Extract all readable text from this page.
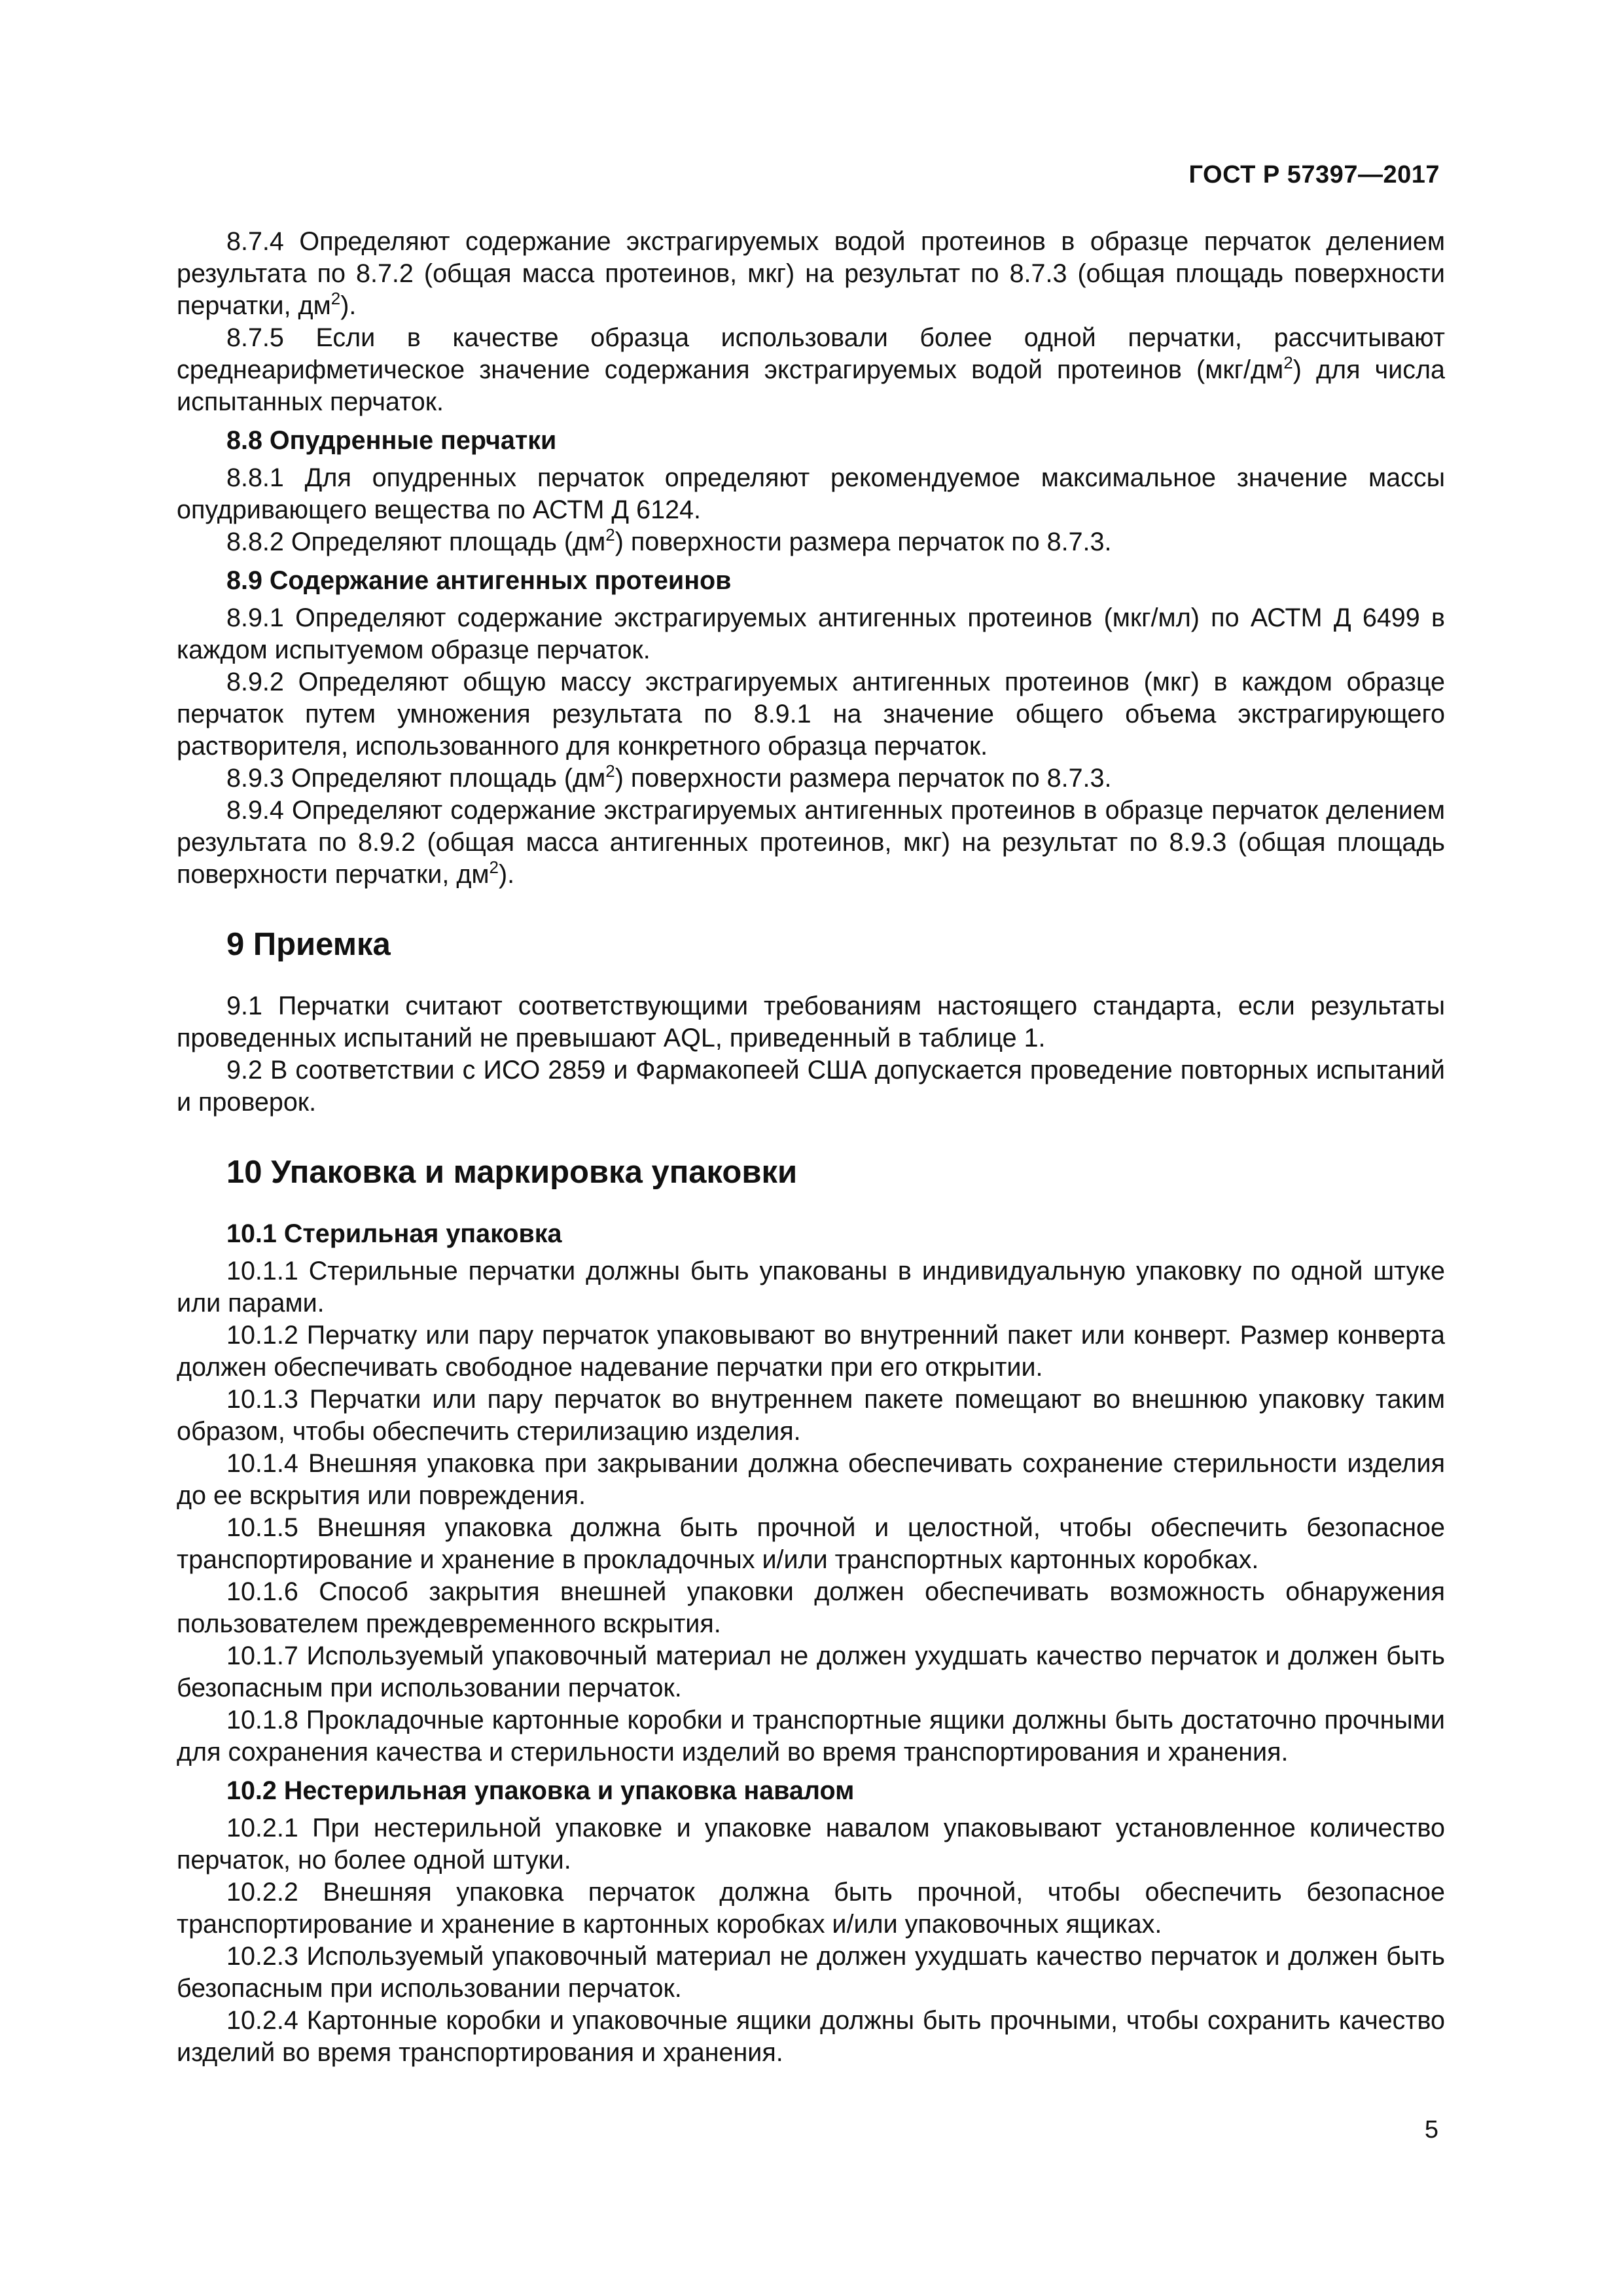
ГОСТ Р 57397—2017

8.7.4 Определяют содержание экстрагируемых водой протеинов в образце перчаток делением результата по 8.7.2 (общая масса протеинов, мкг) на результат по 8.7.3 (общая площадь поверхности перчатки, $дм^2$).

8.7.5 Если в качестве образца использовали более одной перчатки, рассчитывают среднеарифметическое значение содержания экстрагируемых водой протеинов $(мкг/дм^2)$ для числа испытанных перчаток.

8.8 Опудренные перчатки

8.8.1 Для опудренных перчаток определяют рекомендуемое максимальное значение массы опудривающего вещества по АСТМ Д 6124.

8.8.2 Определяют площадь $(дм^2)$ поверхности размера перчаток по 8.7.3.

8.9 Содержание антигенных протеинов

8.9.1 Определяют содержание экстрагируемых антигенных протеинов (мкг/мл) по АСТМ Д 6499 в каждом испытуемом образце перчаток.

8.9.2 Определяют общую массу экстрагируемых антигенных протеинов (мкг) в каждом образце перчаток путем умножения результата по 8.9.1 на значение общего объема экстрагирующего растворителя, использованного для конкретного образца перчаток.

8.9.3 Определяют площадь $(дм^2)$ поверхности размера перчаток по 8.7.3.

8.9.4 Определяют содержание экстрагируемых антигенных протеинов в образце перчаток делением результата по 8.9.2 (общая масса антигенных протеинов, мкг) на результат по 8.9.3 (общая площадь поверхности перчатки, $дм^2$).

9 Приемка

9.1 Перчатки считают соответствующими требованиям настоящего стандарта, если результаты проведенных испытаний не превышают AQL, приведенный в таблице 1.

9.2 В соответствии с ИСО 2859 и Фармакопеей США допускается проведение повторных испытаний и проверок.

10 Упаковка и маркировка упаковки
10.1 Стерильная упаковка

10.1.1 Стерильные перчатки должны быть упакованы в индивидуальную упаковку по одной штуке или парами.

10.1.2 Перчатку или пару перчаток упаковывают во внутренний пакет или конверт. Размер конверта должен обеспечивать свободное надевание перчатки при его открытии.

10.1.3 Перчатки или пару перчаток во внутреннем пакете помещают во внешнюю упаковку таким образом, чтобы обеспечить стерилизацию изделия.

10.1.4 Внешняя упаковка при закрывании должна обеспечивать сохранение стерильности изделия до ее вскрытия или повреждения.

10.1.5 Внешняя упаковка должна быть прочной и целостной, чтобы обеспечить безопасное транспортирование и хранение в прокладочных и/или транспортных картонных коробках.

10.1.6 Способ закрытия внешней упаковки должен обеспечивать возможность обнаружения пользователем преждевременного вскрытия.

10.1.7 Используемый упаковочный материал не должен ухудшать качество перчаток и должен быть безопасным при использовании перчаток.

10.1.8 Прокладочные картонные коробки и транспортные ящики должны быть достаточно прочными для сохранения качества и стерильности изделий во время транспортирования и хранения.

10.2 Нестерильная упаковка и упаковка навалом

10.2.1 При нестерильной упаковке и упаковке навалом упаковывают установленное количество перчаток, но более одной штуки.

10.2.2 Внешняя упаковка перчаток должна быть прочной, чтобы обеспечить безопасное транспортирование и хранение в картонных коробках и/или упаковочных ящиках.

10.2.3 Используемый упаковочный материал не должен ухудшать качество перчаток и должен быть безопасным при использовании перчаток.

10.2.4 Картонные коробки и упаковочные ящики должны быть прочными, чтобы сохранить качество изделий во время транспортирования и хранения.

5
